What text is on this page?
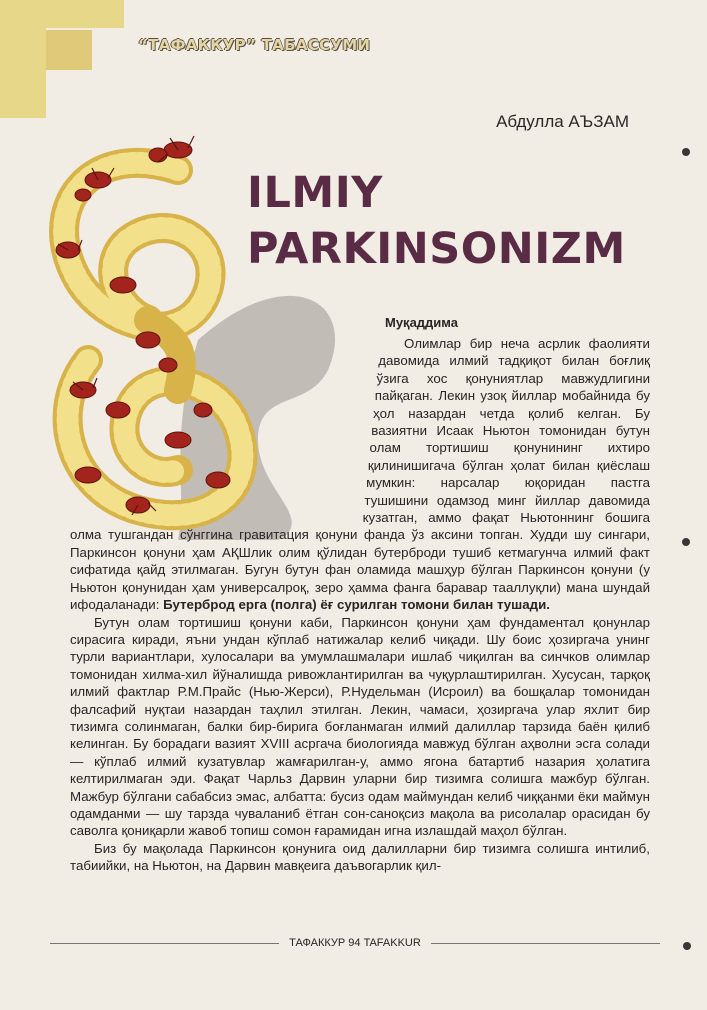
“ТАФАККУР” ТАБАССУМИ

Абдулла АЪЗАМ

ILMIY
PARKINSONIZM
Муқаддима

Олимлар бир неча асрлик фаолияти давомида илмий тадқиқот билан боғлиқ ўзига хос қонуниятлар мавжудлигини пайқаган. Лекин узоқ йиллар мобайнида бу ҳол назардан четда қолиб келган. Бу вазиятни Исаак Ньютон томонидан бутун олам тортишиш қонунининг ихтиро қилинишигача бўлган ҳолат билан қиёслаш мумкин: нарсалар юқоридан пастга тушишини одамзод минг йиллар давомида кузатган, аммо фақат Ньютоннинг бошига олма тушгандан сўнггина гравитация қонуни фанда ўз аксини топган. Худди шу сингари, Паркинсон қонуни ҳам АҚШлик олим қўлидан бутерброди тушиб кетмагунча илмий факт сифатида қайд этилмаган. Бугун бутун фан оламида машҳур бўлган Паркинсон қонуни (у Ньютон қонунидан ҳам универсалроқ, зеро ҳамма фанга баравар тааллуқли) мана шундай ифодаланади: Бутерброд ерга (полга) ёғ сурилган томони билан тушади.

Бутун олам тортишиш қонуни каби, Паркинсон қонуни ҳам фундаментал қонунлар сирасига киради, яъни ундан кўплаб натижалар келиб чиқади. Шу боис ҳозиргача унинг турли вариантлари, хулосалари ва умумлашмалари ишлаб чиқилган ва синчков олимлар томонидан хилма-хил йўналишда ривожлантирилган ва чуқурлаштирилган. Хусусан, тарқоқ илмий фактлар Р.М.Прайс (Нью-Жерси), Р.Нудельман (Исроил) ва бошқалар томонидан фалсафий нуқтаи назардан таҳлил этилган. Лекин, чамаси, ҳозиргача улар яхлит бир тизимга солинмаган, балки бир-бирига боғланмаган илмий далиллар тарзида баён қилиб келинган. Бу борадаги вазият XVIII асргача биологияда мавжуд бўлган аҳволни эсга солади — кўплаб илмий кузатувлар жамғарилган-у, аммо ягона батартиб назария ҳолатига келтирилмаган эди. Фақат Чарльз Дарвин уларни бир тизимга солишга мажбур бўлган. Мажбур бўлгани сабабсиз эмас, албатта: бусиз одам маймундан келиб чиққанми ёки маймун одамданми — шу тарзда чуваланиб ётган сон-саноқсиз мақола ва рисолалар орасидан бу саволга қониқарли жавоб топиш сомон ғарамидан игна излашдай маҳол бўлган.

Биз бу мақолада Паркинсон қонунига оид далилларни бир тизимга солишга интилиб, табиийки, на Ньютон, на Дарвин мавқеига даъвогарлик қил-

ТАФАККУР 94 TAFAKKUR
